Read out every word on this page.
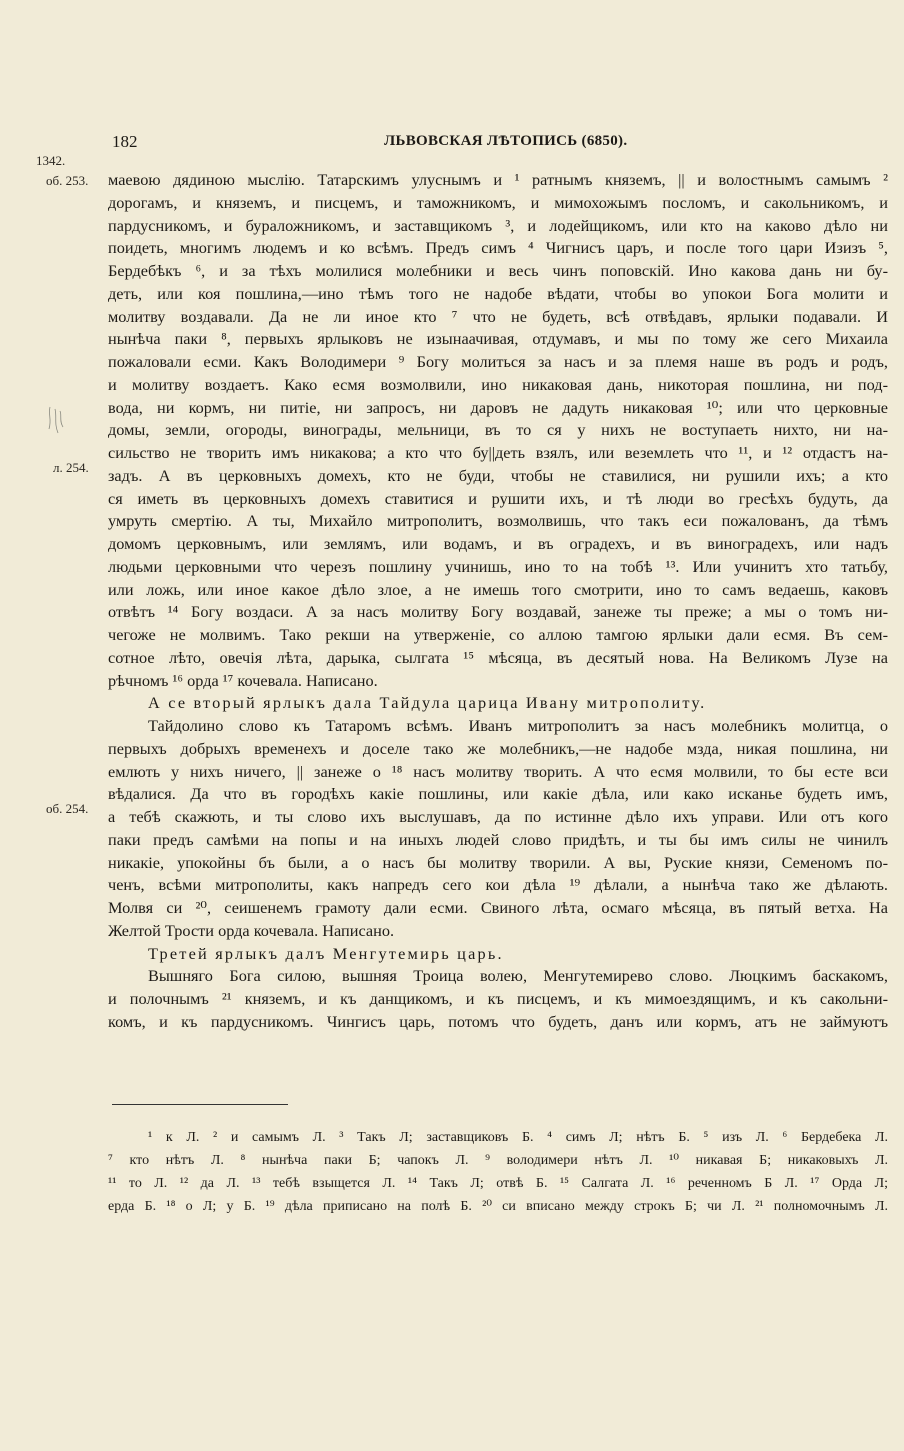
182	ЛЬВОВСКАЯ ЛѢТОПИСЬ (6850).
1342.
об. 253.
л. 254.
об. 254.
маевою дядиною мыслію. Татарскимъ улуснымъ и ¹ ратнымъ княземъ, || и волостнымъ самымъ ²
дорогамъ, и княземъ, и писцемъ, и таможникомъ, и мимохожымъ посломъ, и сакольникомъ, и
пардусникомъ, и бураложникомъ, и заставщикомъ ³, и лодейщикомъ, или кто на каково дѣло ни
поидеть, многимъ людемъ и ко всѣмъ. Предъ симъ ⁴ Чигнисъ царъ, и после того цари Изизъ ⁵,
Бердебѣкъ ⁶, и за тѣхъ молилися молебники и весь чинъ поповскій. Ино какова дань ни бу-
деть, или коя пошлина,—ино тѣмъ того не надобе вѣдати, чтобы во упокои Бога молити и
молитву воздавали. Да не ли иное кто ⁷ что не будеть, всѣ отвѣдавъ, ярлыки подавали. И
нынѣча паки ⁸, первыхъ ярлыковъ не изынаачивая, отдумавъ, и мы по тому же сего Михаила
пожаловали есми. Какъ Володимери ⁹ Богу молиться за насъ и за племя наше въ родъ и родъ,
и молитву воздаетъ. Како есмя возмолвили, ино никаковая дань, никоторая пошлина, ни под-
вода, ни кормъ, ни питіе, ни запросъ, ни даровъ не дадуть никаковая ¹⁰; или что церковные
домы, земли, огороды, винограды, мельници, въ то ся у нихъ не воступаеть нихто, ни на-
сильство не творить имъ никакова; а кто что бу||деть взялъ, или веземлеть что ¹¹, и ¹² отдастъ на-
задъ. А въ церковныхъ домехъ, кто не буди, чтобы не ставилися, ни рушили ихъ; а кто
ся иметь въ церковныхъ домехъ ставитися и рушити ихъ, и тѣ люди во гресѣхъ будуть, да
умруть смертію. А ты, Михайло митрополитъ, возмолвишь, что такъ еси пожалованъ, да тѣмъ
домомъ церковнымъ, или землямъ, или водамъ, и въ оградехъ, и въ виноградехъ, или надъ
людьми церковными что черезъ пошлину учинишь, ино то на тобѣ ¹³. Или учинитъ хто татьбу,
или ложь, или иное какое дѣло злое, а не имешь того смотрити, ино то самъ ведаешь, каковъ
отвѣтъ ¹⁴ Богу воздаси. А за насъ молитву Богу воздавай, занеже ты преже; а мы о томъ ни-
чегоже не молвимъ. Тако рекши на утверженіе, со аллою тамгою ярлыки дали есмя. Въ сем-
сотное лѣто, овечія лѣта, дарыка, сылгата ¹⁵ мѣсяца, въ десятый нова. На Великомъ Лузе на
рѣчномъ ¹⁶ орда ¹⁷ кочевала. Написано.
А се вторый ярлыкъ дала Тайдула царица Ивану митрополиту.
Тайдолино слово къ Татаромъ всѣмъ. Иванъ митрополитъ за насъ молебникъ молитца, о
первыхъ добрыхъ временехъ и доселе тако же молебникъ,—не надобе мзда, никая пошлина, ни
емлють у нихъ ничего, || занеже о ¹⁸ насъ молитву творить. А что есмя молвили, то бы есте вси
вѣдалися. Да что въ городѣхъ какіе пошлины, или какіе дѣла, или како исканье будеть имъ,
а тебѣ скажють, и ты слово ихъ выслушавъ, да по истинне дѣло ихъ управи. Или отъ кого
паки предъ самѣми на попы и на иныхъ людей слово придѣть, и ты бы имъ силы не чинилъ
никакіе, упокойны бъ были, а о насъ бы молитву творили. А вы, Руские князи, Семеномъ по-
ченъ, всѣми митрополиты, какъ напредъ сего кои дѣла ¹⁹ дѣлали, а нынѣча тако же дѣлають.
Молвя си ²⁰, сеишенемъ грамоту дали есми. Свиного лѣта, осмаго мѣсяца, въ пятый ветха. На
Желтой Трости орда кочевала. Написано.
Третей ярлыкъ далъ Менгутемирь царь.
Вышняго Бога силою, вышняя Троица волею, Менгутемирево слово. Люцкимъ баскакомъ,
и полочнымъ ²¹ княземъ, и къ данщикомъ, и къ писцемъ, и къ мимоездящимъ, и къ сакольни-
комъ, и къ пардусникомъ. Чингисъ царь, потомъ что будеть, данъ или кормъ, атъ не займуютъ
¹ к Л. ² и самымъ Л. ³ Такъ Л; заставщиковъ Б. ⁴ симъ Л; нѣтъ Б. ⁵ изъ Л. ⁶ Бердебека Л.
⁷ кто нѣтъ Л. ⁸ нынѣча паки Б; чапокъ Л. ⁹ володимери нѣтъ Л. ¹⁰ никавая Б; никаковыхъ Л.
¹¹ то Л. ¹² да Л. ¹³ тебѣ взыщется Л. ¹⁴ Такъ Л; отвѣ Б. ¹⁵ Салгата Л. ¹⁶ реченномъ Б Л. ¹⁷ Орда Л;
ерда Б. ¹⁸ о Л; у Б. ¹⁹ дѣла приписано на полѣ Б. ²⁰ си вписано между строкъ Б; чи Л. ²¹ полномочнымъ Л.
